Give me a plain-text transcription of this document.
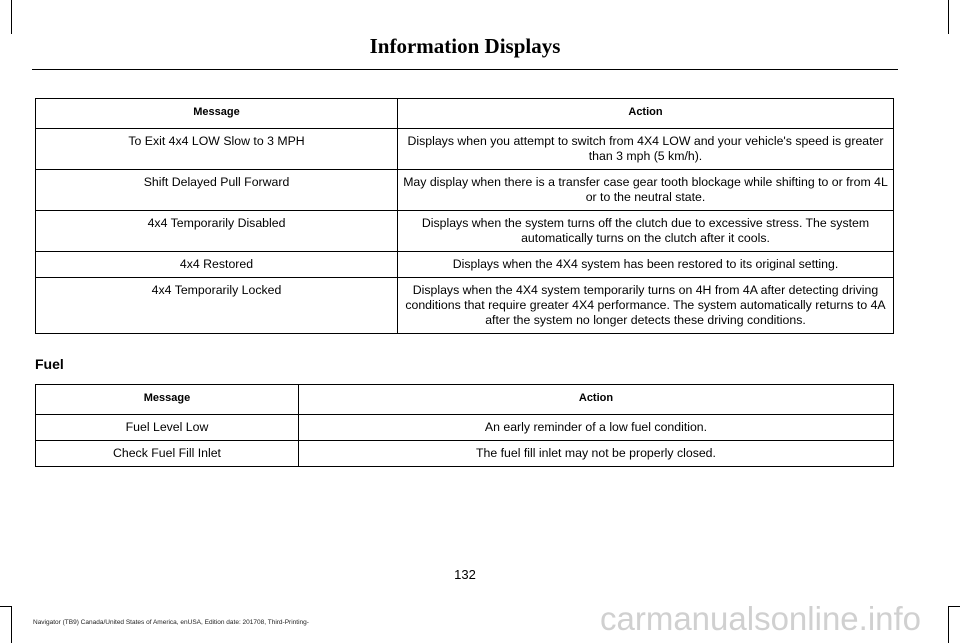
Information Displays
Message	Action
To Exit 4x4 LOW Slow to 3 MPH	Displays when you attempt to switch from 4X4 LOW and your vehicle's speed is greater than 3 mph (5 km/h).
Shift Delayed Pull Forward	May display when there is a transfer case gear tooth blockage while shifting to or from 4L or to the neutral state.
4x4 Temporarily Disabled	Displays when the system turns off the clutch due to excessive stress. The system automatically turns on the clutch after it cools.
4x4 Restored	Displays when the 4X4 system has been restored to its original setting.
4x4 Temporarily Locked	Displays when the 4X4 system temporarily turns on 4H from 4A after detecting driving conditions that require greater 4X4 performance. The system automatically returns to 4A after the system no longer detects these driving conditions.
Fuel
Message	Action
Fuel Level Low	An early reminder of a low fuel condition.
Check Fuel Fill Inlet	The fuel fill inlet may not be properly closed.
132
Navigator (TB9) Canada/United States of America, enUSA, Edition date: 201708, Third-Printing-	carmanualsonline.info
